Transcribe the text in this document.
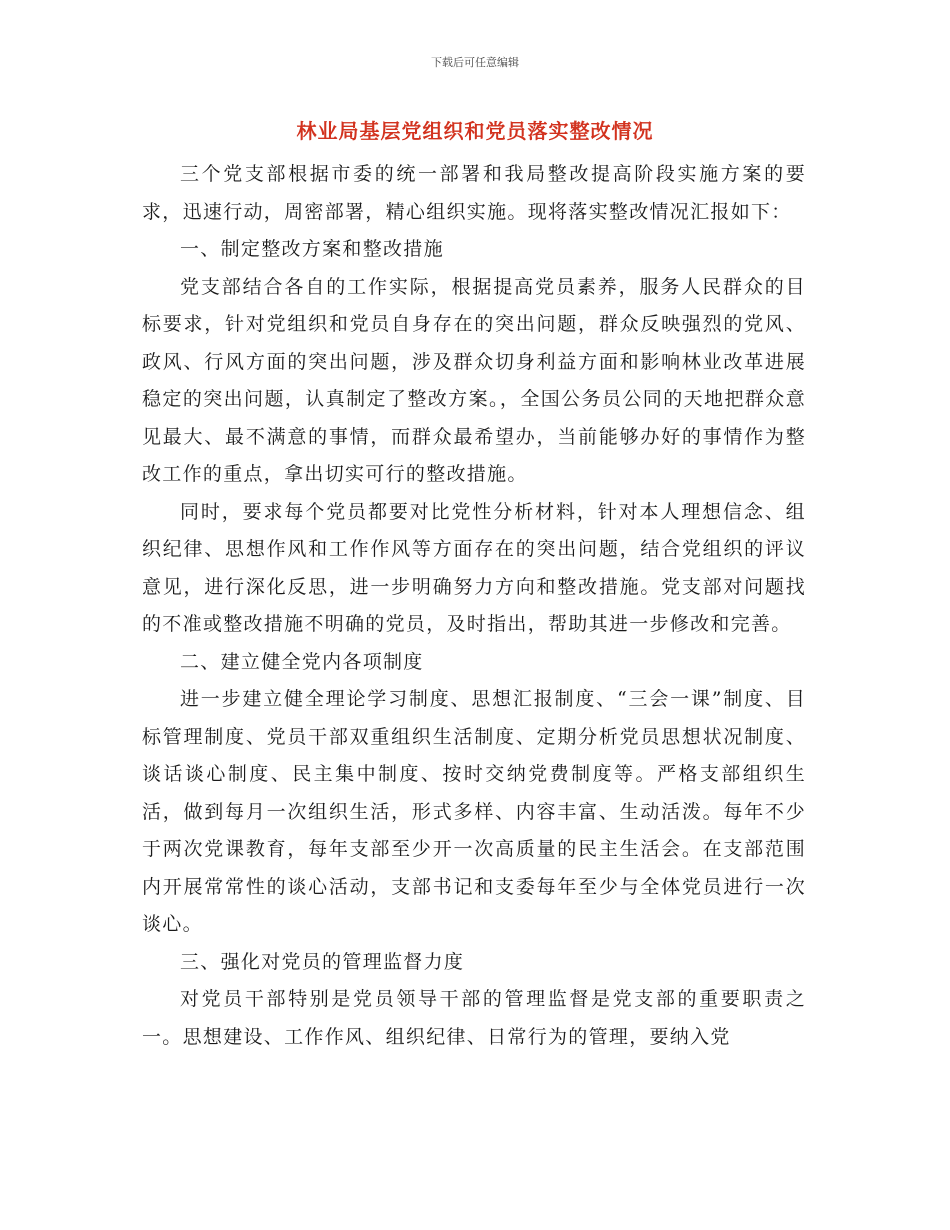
下载后可任意编辑
林业局基层党组织和党员落实整改情况

三个党支部根据市委的统一部署和我局整改提高阶段实施方案的要求，迅速行动，周密部署，精心组织实施。现将落实整改情况汇报如下：

一、制定整改方案和整改措施

党支部结合各自的工作实际，根据提高党员素养，服务人民群众的目标要求，针对党组织和党员自身存在的突出问题，群众反映强烈的党风、政风、行风方面的突出问题，涉及群众切身利益方面和影响林业改革进展稳定的突出问题，认真制定了整改方案。，全国公务员公同的天地把群众意见最大、最不满意的事情，而群众最希望办，当前能够办好的事情作为整改工作的重点，拿出切实可行的整改措施。

同时，要求每个党员都要对比党性分析材料，针对本人理想信念、组织纪律、思想作风和工作作风等方面存在的突出问题，结合党组织的评议意见，进行深化反思，进一步明确努力方向和整改措施。党支部对问题找的不准或整改措施不明确的党员，及时指出，帮助其进一步修改和完善。

二、建立健全党内各项制度

进一步建立健全理论学习制度、思想汇报制度、“三会一课”制度、目标管理制度、党员干部双重组织生活制度、定期分析党员思想状况制度、谈话谈心制度、民主集中制度、按时交纳党费制度等。严格支部组织生活，做到每月一次组织生活，形式多样、内容丰富、生动活泼。每年不少于两次党课教育，每年支部至少开一次高质量的民主生活会。在支部范围内开展常常性的谈心活动，支部书记和支委每年至少与全体党员进行一次谈心。

三、强化对党员的管理监督力度

对党员干部特别是党员领导干部的管理监督是党支部的重要职责之一。思想建设、工作作风、组织纪律、日常行为的管理，要纳入党
